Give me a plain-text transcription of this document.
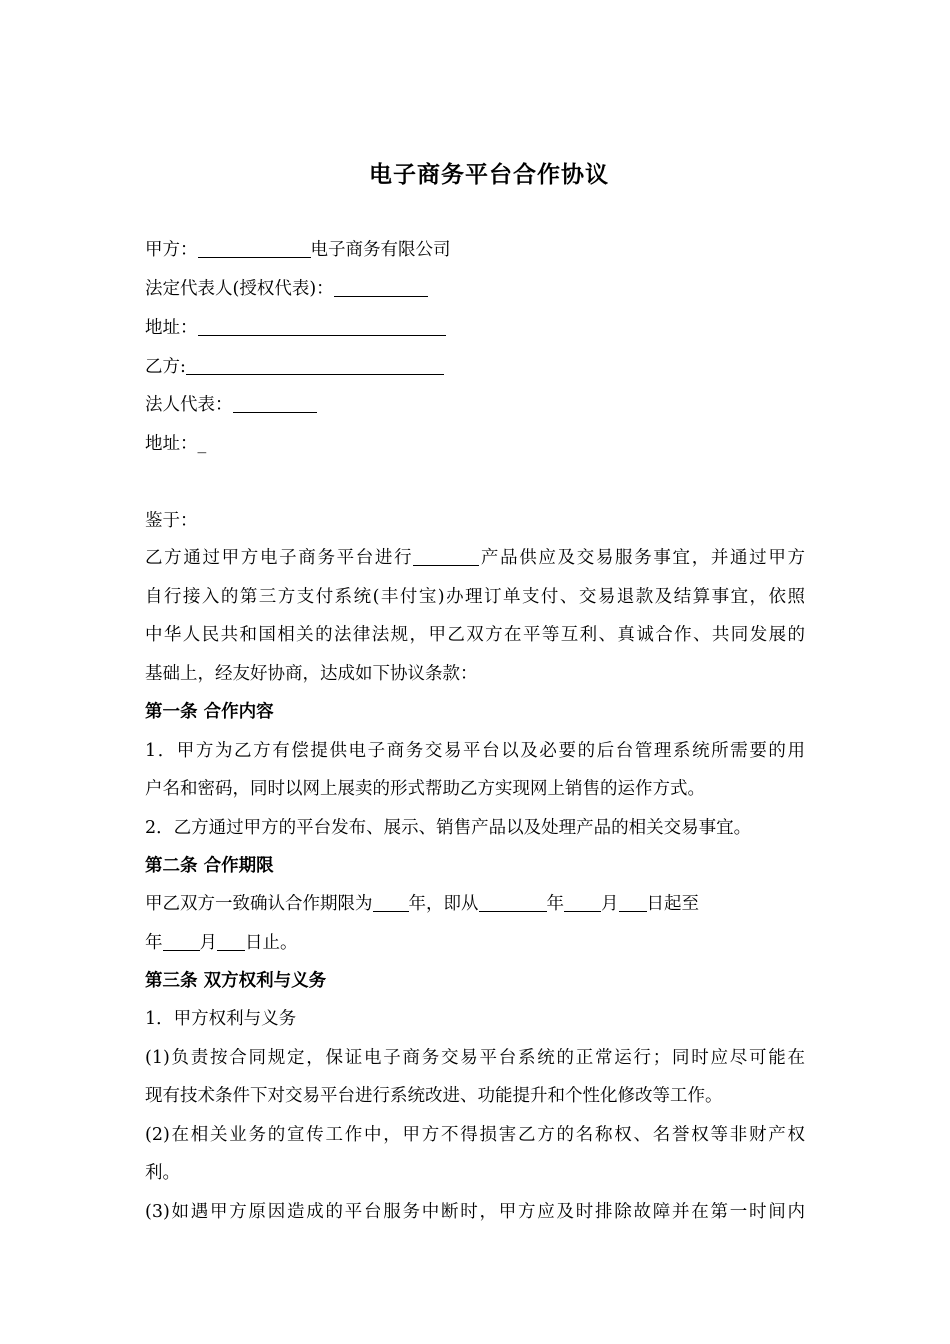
电子商务平台合作协议
甲方：	电子商务有限公司
法定代表人(授权代表)：
地址：
乙方:
法人代表：
地址：_
鉴于：
乙方通过甲方电子商务平台进行	产品供应及交易服务事宜，并通过甲方
自行接入的第三方支付系统(丰付宝)办理订单支付、交易退款及结算事宜，依照
中华人民共和国相关的法律法规，甲乙双方在平等互利、真诚合作、共同发展的
基础上，经友好协商，达成如下协议条款：
第一条 合作内容
1．甲方为乙方有偿提供电子商务交易平台以及必要的后台管理系统所需要的用
户名和密码，同时以网上展卖的形式帮助乙方实现网上销售的运作方式。
2．乙方通过甲方的平台发布、展示、销售产品以及处理产品的相关交易事宜。
第二条 合作期限
甲乙双方一致确认合作期限为 年，即从	年 月 日起至
年 月 日止。
第三条 双方权利与义务
1．甲方权利与义务
(1)负责按合同规定，保证电子商务交易平台系统的正常运行；同时应尽可能在
现有技术条件下对交易平台进行系统改进、功能提升和个性化修改等工作。
(2)在相关业务的宣传工作中，甲方不得损害乙方的名称权、名誉权等非财产权
利。
(3)如遇甲方原因造成的平台服务中断时，甲方应及时排除故障并在第一时间内
